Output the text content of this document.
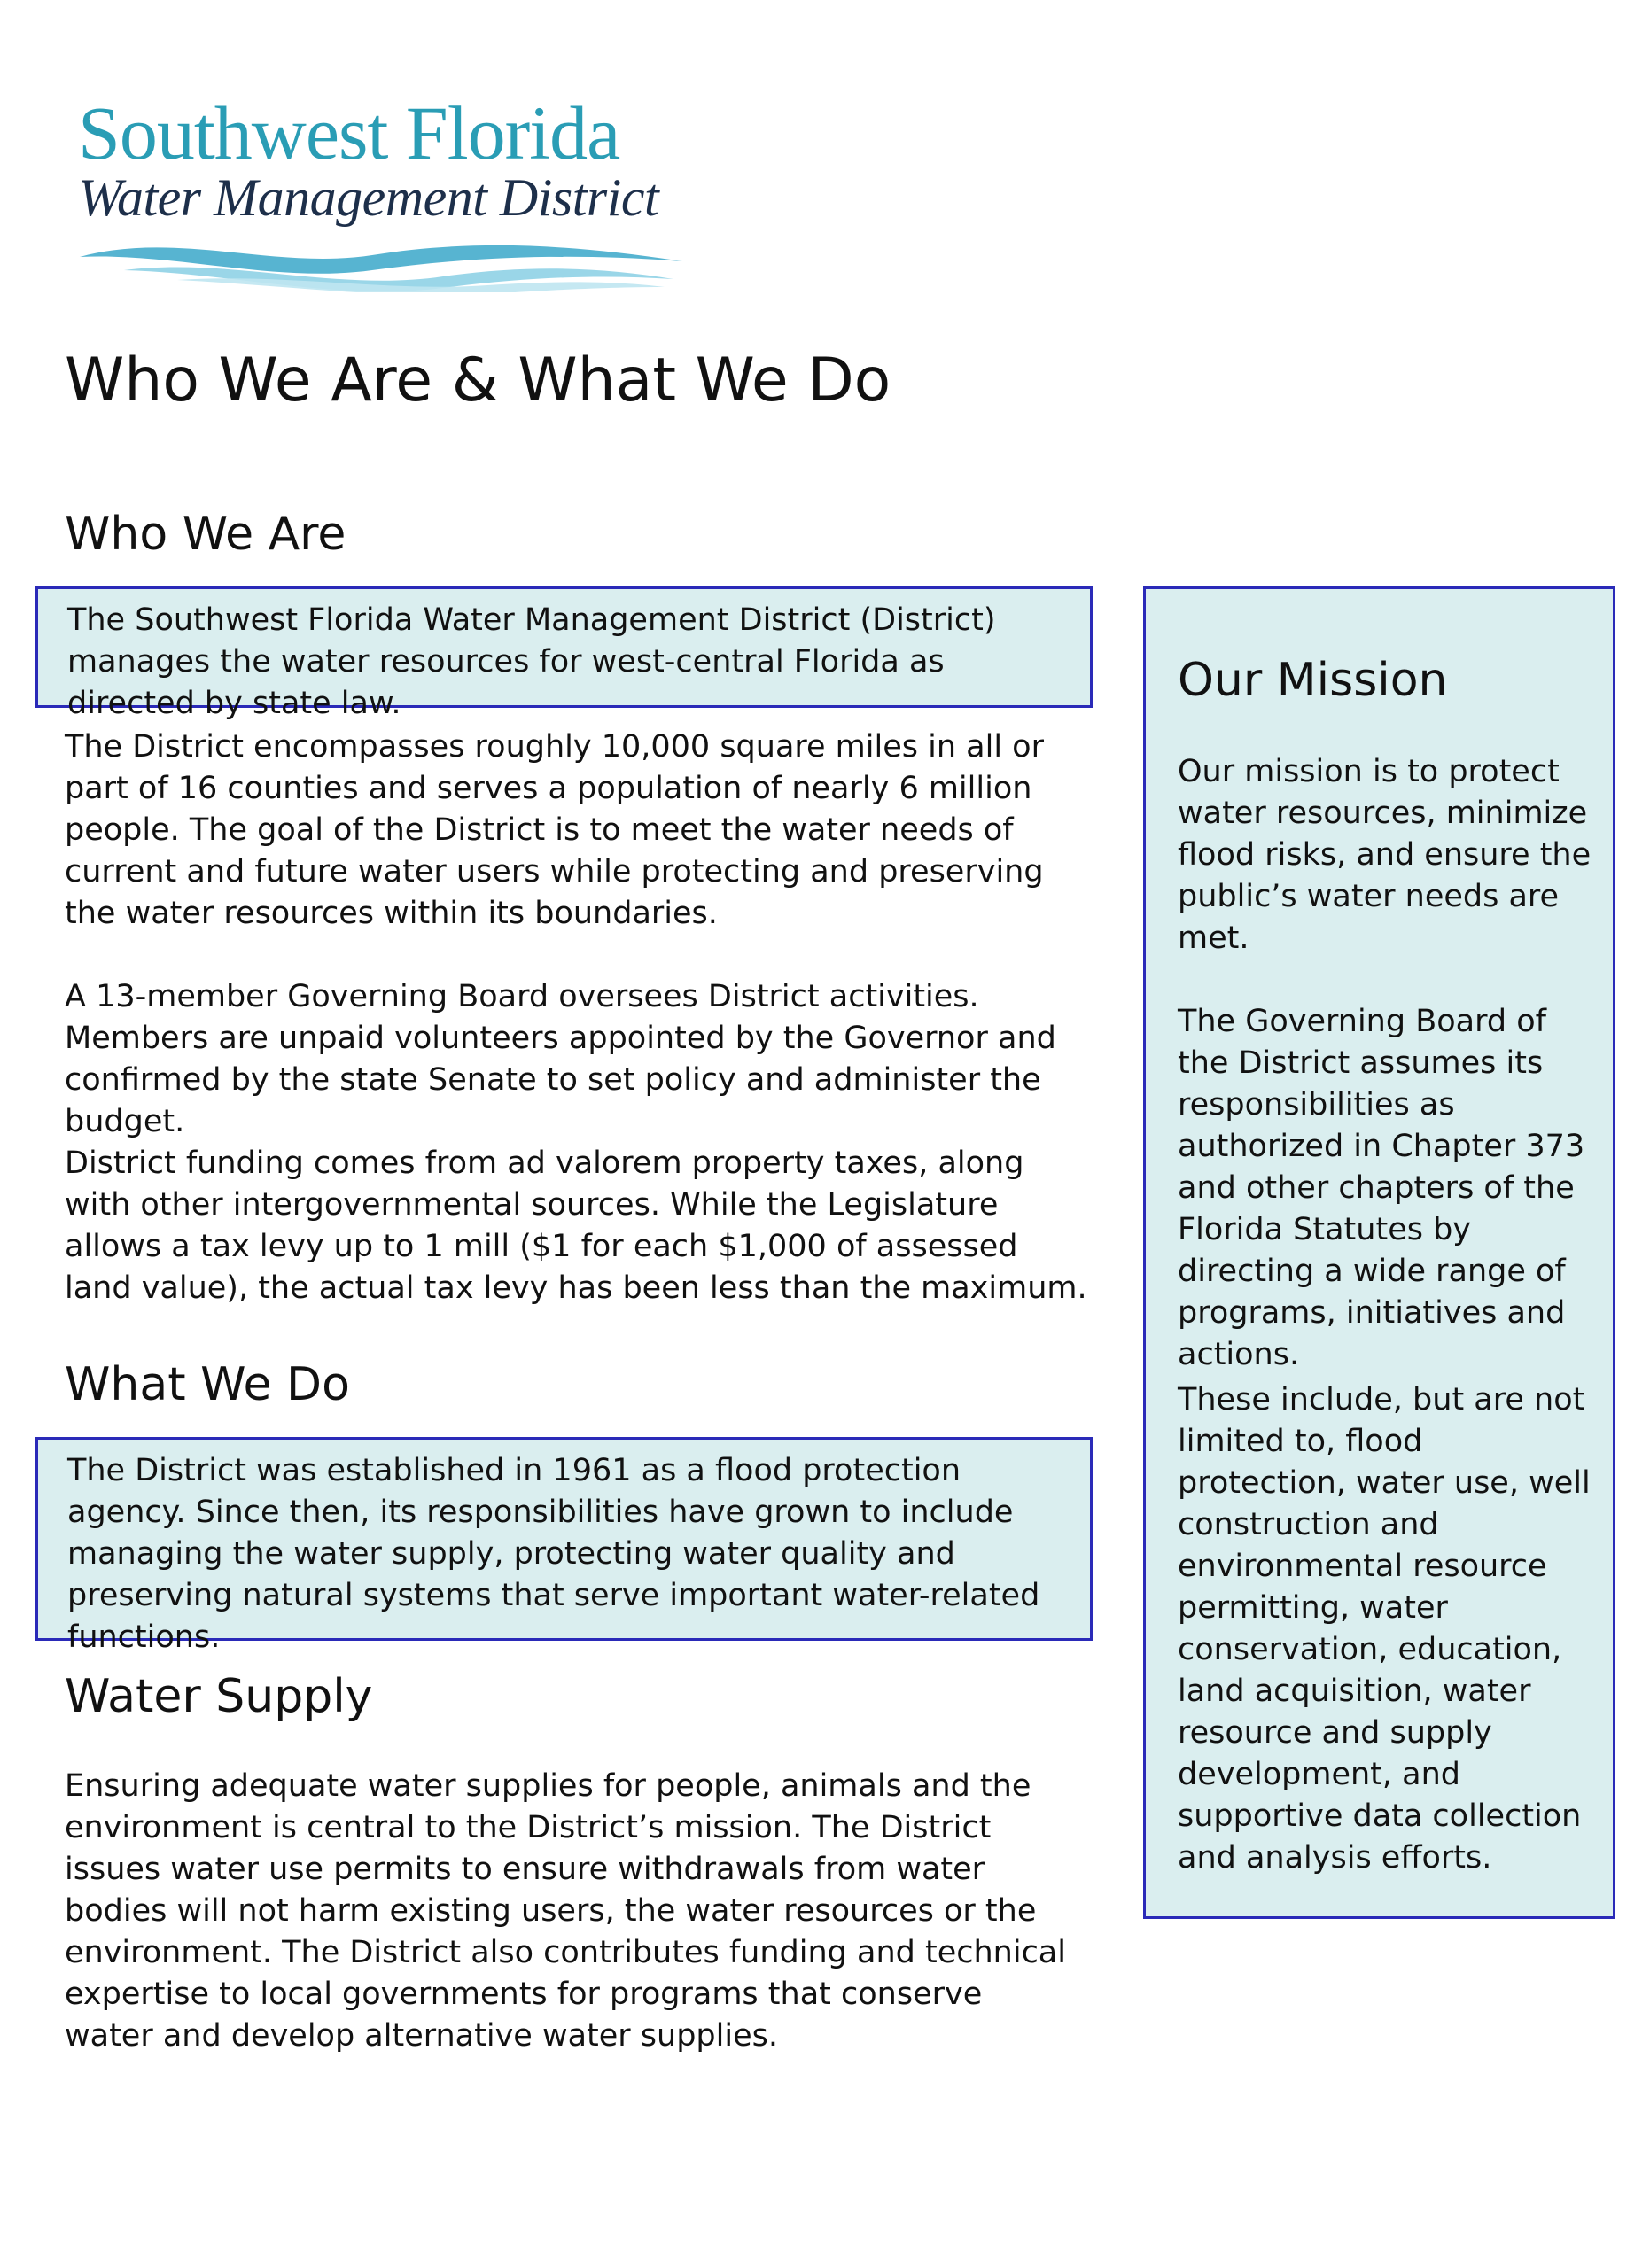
Southwest Florida
Water Management District
Who We Are & What We Do
Who We Are

The Southwest Florida Water Management District (District) manages the water resources for west-central Florida as directed by state law.

The District encompasses roughly 10,000 square miles in all or part of 16 counties and serves a population of nearly 6 million people. The goal of the District is to meet the water needs of current and future water users while protecting and preserving the water resources within its boundaries.

A 13-member Governing Board oversees District activities. Members are unpaid volunteers appointed by the Governor and confirmed by the state Senate to set policy and administer the budget.

District funding comes from ad valorem property taxes, along with other intergovernmental sources. While the Legislature allows a tax levy up to 1 mill ($1 for each $1,000 of assessed land value), the actual tax levy has been less than the maximum.

What We Do

The District was established in 1961 as a flood protection agency. Since then, its responsibilities have grown to include managing the water supply, protecting water quality and preserving natural systems that serve important water-related functions.

Water Supply

Ensuring adequate water supplies for people, animals and the environment is central to the District’s mission. The District issues water use permits to ensure withdrawals from water bodies will not harm existing users, the water resources or the environment. The District also contributes funding and technical expertise to local governments for programs that conserve water and develop alternative water supplies.

Our Mission

Our mission is to protect water resources, minimize flood risks, and ensure the public’s water needs are met.

The Governing Board of the District assumes its responsibilities as authorized in Chapter 373 and other chapters of the Florida Statutes by directing a wide range of programs, initiatives and actions.

These include, but are not limited to, flood protection, water use, well construction and environmental resource permitting, water conservation, education, land acquisition, water resource and supply development, and supportive data collection and analysis efforts.
